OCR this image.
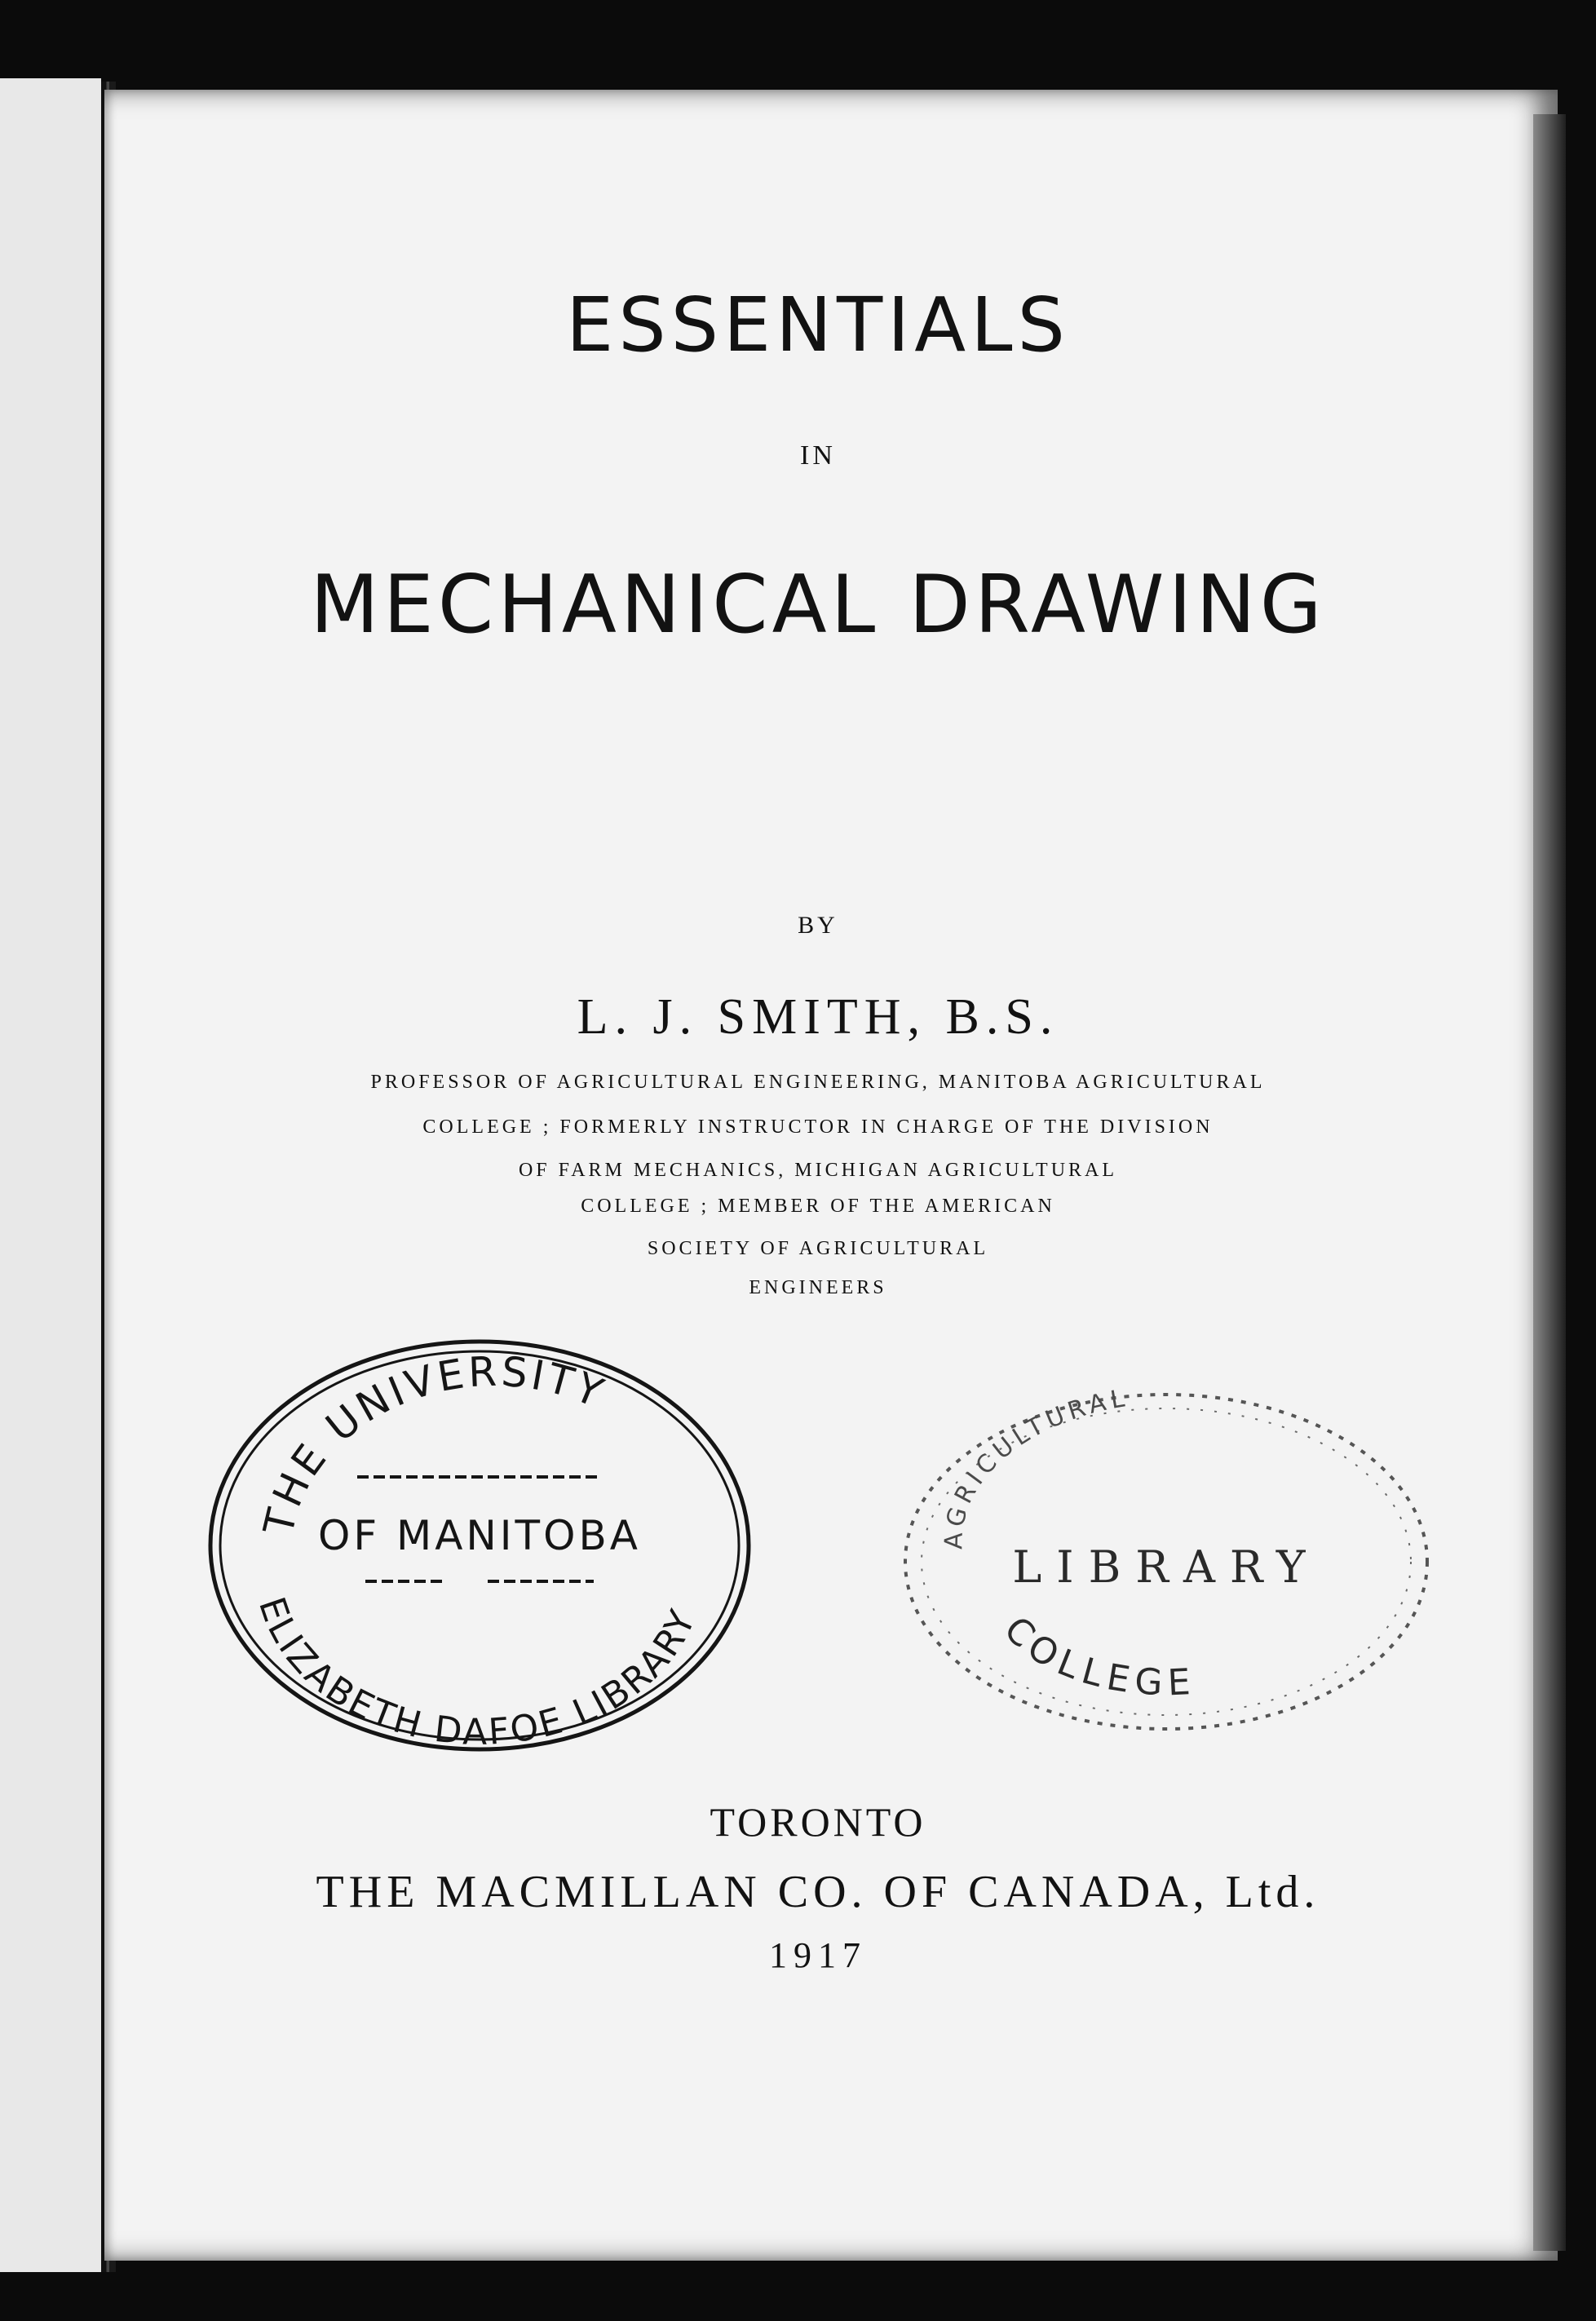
ESSENTIALS
IN
MECHANICAL DRAWING
BY
L. J. SMITH, B.S.
PROFESSOR OF AGRICULTURAL ENGINEERING, MANITOBA AGRICULTURAL
COLLEGE ; FORMERLY INSTRUCTOR IN CHARGE OF THE DIVISION
OF FARM MECHANICS, MICHIGAN AGRICULTURAL
COLLEGE ; MEMBER OF THE AMERICAN
SOCIETY OF AGRICULTURAL
ENGINEERS
THE UNIVERSITY
ELIZABETH DAFOE LIBRARY
OF MANITOBA	AGRICULTURAL
LIBRARY
COLLEGE
TORONTO
THE MACMILLAN CO. OF CANADA, Ltd.
1917
